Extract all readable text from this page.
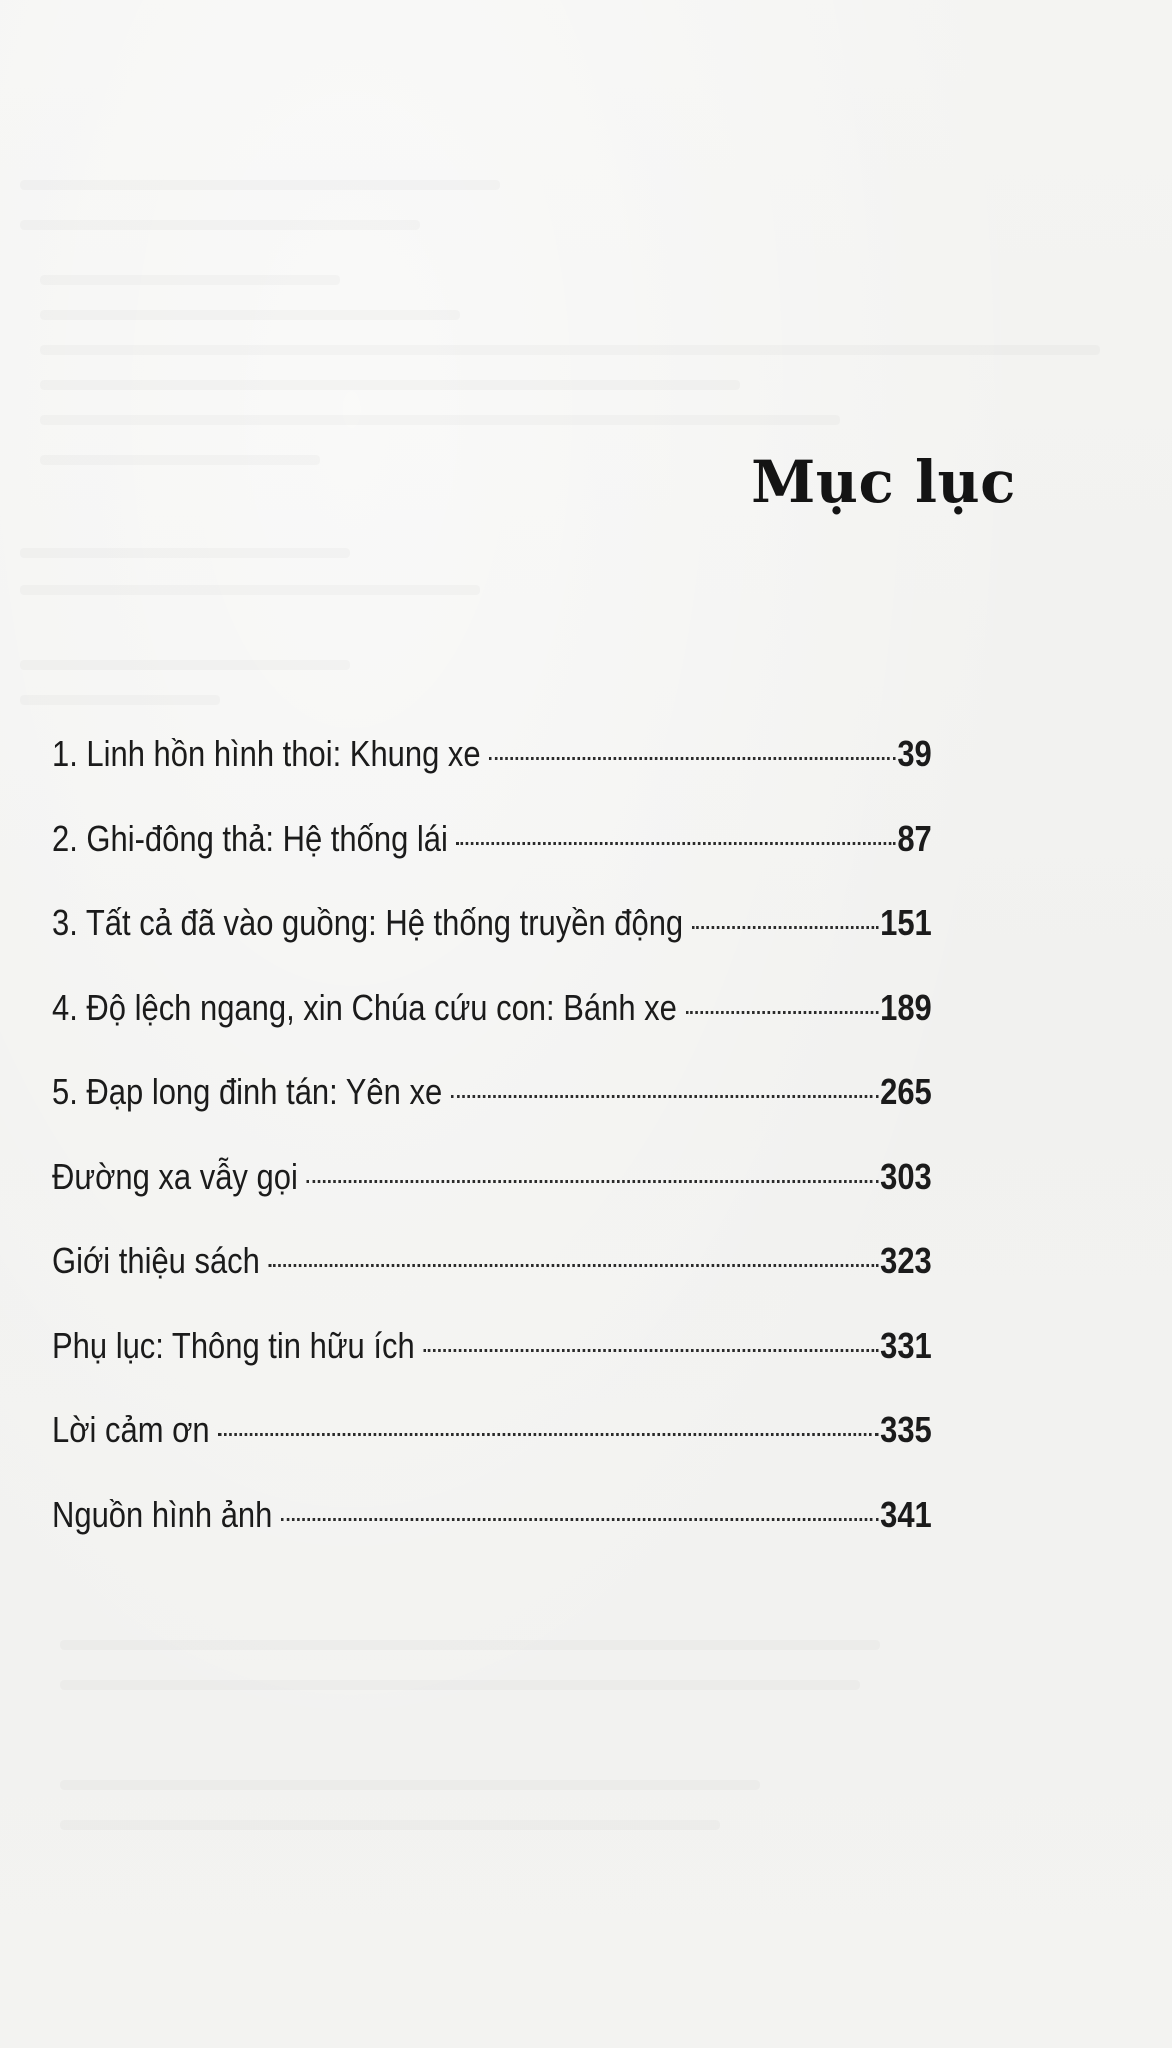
Mục lục
1. Linh hồn hình thoi: Khung xe	39
2. Ghi-đông thả: Hệ thống lái	87
3. Tất cả đã vào guồng: Hệ thống truyền động	151
4. Độ lệch ngang, xin Chúa cứu con: Bánh xe	189
5. Đạp long đinh tán: Yên xe	265
Đường xa vẫy gọi	303
Giới thiệu sách	323
Phụ lục: Thông tin hữu ích	331
Lời cảm ơn	335
Nguồn hình ảnh	341
